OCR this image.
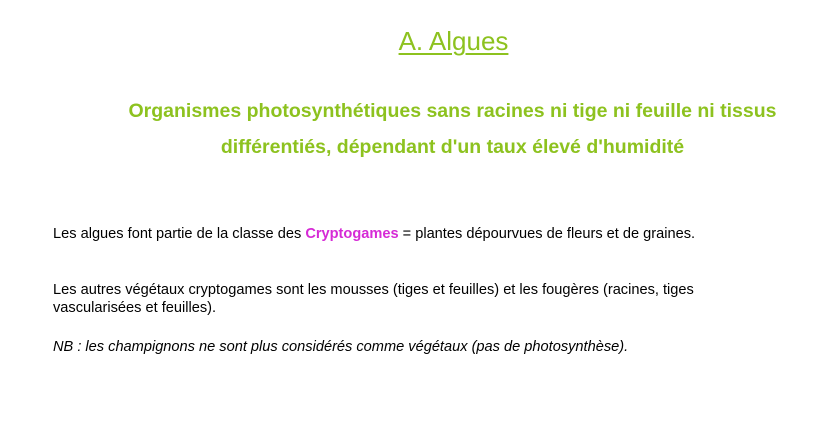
A. Algues
Organismes photosynthétiques sans racines ni tige ni feuille ni tissus différentiés, dépendant d'un taux élevé d'humidité
Les algues font partie de la classe des Cryptogames = plantes dépourvues de fleurs et de graines.
Les autres végétaux cryptogames sont les mousses (tiges et feuilles) et les fougères (racines, tiges vascularisées et feuilles).
NB : les champignons ne sont plus considérés comme végétaux (pas de photosynthèse).
